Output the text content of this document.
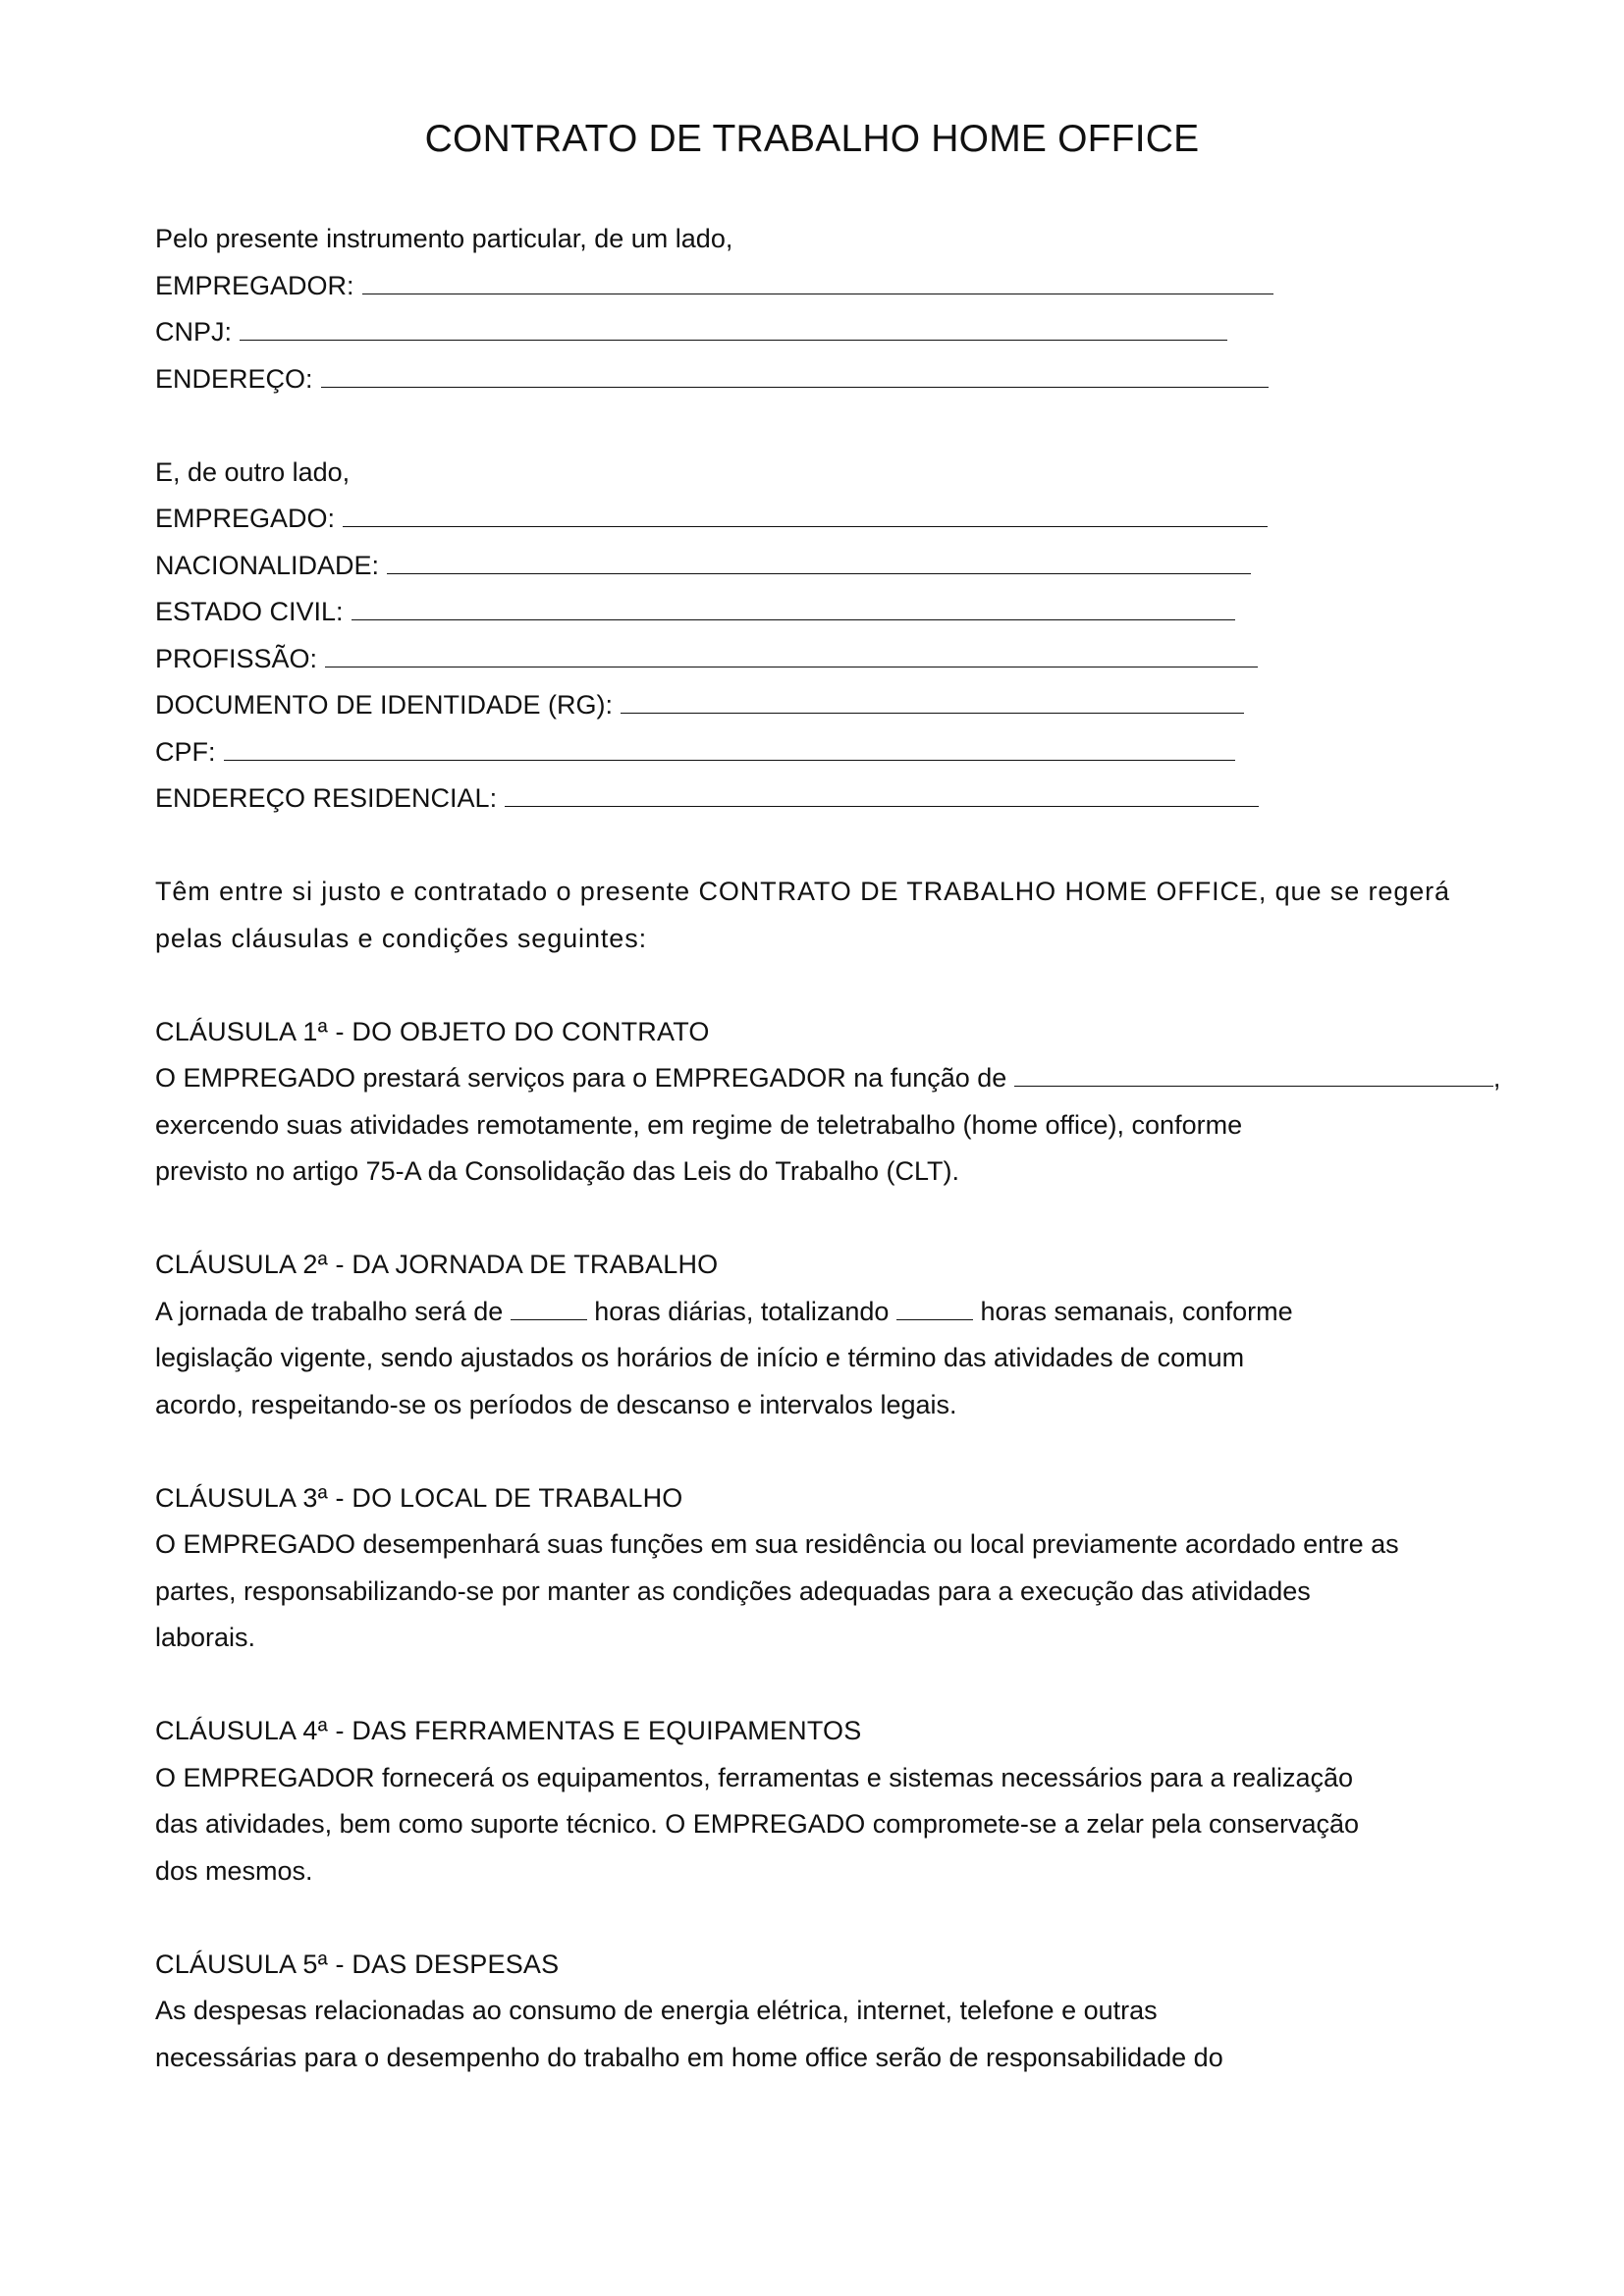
CONTRATO DE TRABALHO HOME OFFICE
Pelo presente instrumento particular, de um lado,
EMPREGADOR:
CNPJ:
ENDEREÇO:
E, de outro lado,
EMPREGADO:
NACIONALIDADE:
ESTADO CIVIL:
PROFISSÃO:
DOCUMENTO DE IDENTIDADE (RG):
CPF:
ENDEREÇO RESIDENCIAL:
Têm entre si justo e contratado o presente CONTRATO DE TRABALHO HOME OFFICE, que se regerá
pelas cláusulas e condições seguintes:
CLÁUSULA 1ª - DO OBJETO DO CONTRATO
O EMPREGADO prestará serviços para o EMPREGADOR na função de	,
exercendo suas atividades remotamente, em regime de teletrabalho (home office), conforme
previsto no artigo 75-A da Consolidação das Leis do Trabalho (CLT).
CLÁUSULA 2ª - DA JORNADA DE TRABALHO
A jornada de trabalho será de	horas diárias, totalizando	horas semanais, conforme
legislação vigente, sendo ajustados os horários de início e término das atividades de comum
acordo, respeitando-se os períodos de descanso e intervalos legais.
CLÁUSULA 3ª - DO LOCAL DE TRABALHO
O EMPREGADO desempenhará suas funções em sua residência ou local previamente acordado entre as
partes, responsabilizando-se por manter as condições adequadas para a execução das atividades
laborais.
CLÁUSULA 4ª - DAS FERRAMENTAS E EQUIPAMENTOS
O EMPREGADOR fornecerá os equipamentos, ferramentas e sistemas necessários para a realização
das atividades, bem como suporte técnico. O EMPREGADO compromete-se a zelar pela conservação
dos mesmos.
CLÁUSULA 5ª - DAS DESPESAS
As despesas relacionadas ao consumo de energia elétrica, internet, telefone e outras
necessárias para o desempenho do trabalho em home office serão de responsabilidade do
